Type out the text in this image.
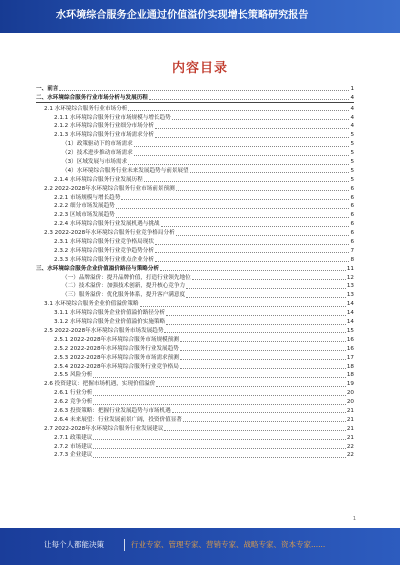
水环境综合服务企业通过价值溢价实现增长策略研究报告
内容目录
一、前言	1
二、水环境综合服务行业市场分析与发展历程	4
2.1 水环境综合服务行业市场分析	4
2.1.1 水环境综合服务行业市场规模与增长趋势	4
2.1.2 水环境综合服务行业细分市场分析	4
2.1.3 水环境综合服务行业市场需求分析	5
（1）政策驱动下的市场需求	5
（2）技术进步推动市场需求	5
（3）区域发展与市场需求	5
（4）水环境综合服务行业未来发展趋势与前景展望	5
2.1.4 水环境综合服务行业发展历程	5
2.2 2022-2028年水环境综合服务行业市场前景预测	6
2.2.1 市场规模与增长趋势	6
2.2.2 细分市场发展趋势	6
2.2.3 区域市场发展趋势	6
2.2.4 水环境综合服务行业发展机遇与挑战	6
2.3 2022-2028年水环境综合服务行业竞争格局分析	6
2.3.1 水环境综合服务行业竞争格局现状	6
2.3.2 水环境综合服务行业竞争趋势分析	7
2.3.3 水环境综合服务行业重点企业分析	8
三、水环境综合服务企业价值溢价路径与策略分析	11
（一）品牌溢价：提升品牌价值，打造行业领先地位	12
（二）技术溢价：加强技术创新，提升核心竞争力	13
（三）服务溢价：优化服务体系，提升客户满意度	13
3.1 水环境综合服务企业价值溢价策略	14
3.1.1 水环境综合服务企业价值溢价路径分析	14
3.1.2 水环境综合服务企业价值溢价实施策略	14
2.5 2022-2028年水环境综合服务市场发展趋势	15
2.5.1 2022-2028年水环境综合服务市场规模预测	16
2.5.2 2022-2028年水环境综合服务行业发展趋势	16
2.5.3 2022-2028年水环境综合服务市场需求预测	17
2.5.4 2022-2028年水环境综合服务行业竞争格局	18
2.5.5 风险分析	18
2.6 投资建议：把握市场机遇，实现价值溢价	19
2.6.1 行业分析	20
2.6.2 竞争分析	20
2.6.3 投资策略：把握行业发展趋势与市场机遇	21
2.6.4 未来展望：行业发展前景广阔，投资价值显著	21
2.7 2022-2028年水环境综合服务行业发展建议	21
2.7.1 政策建议	21
2.7.2 市场建议	22
2.7.3 企业建议	22
1
让每个人都能决策	行业专家、管理专家、营销专家、战略专家、资本专家......
